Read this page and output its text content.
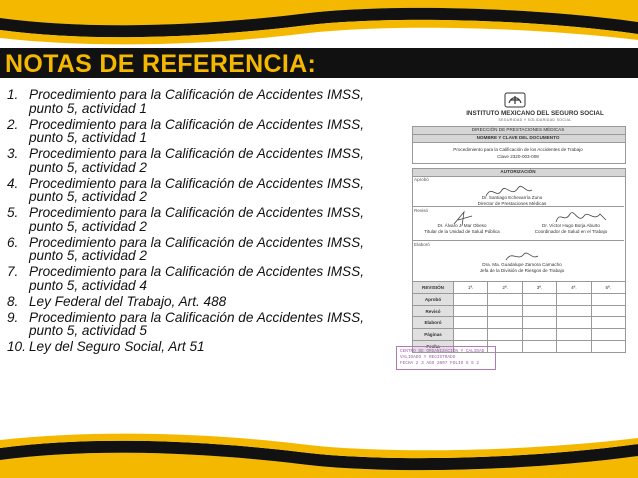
NOTAS DE REFERENCIA:
1. Procedimiento para la Calificación de Accidentes IMSS,
punto 5, actividad 1
2. Procedimiento para la Calificación de Accidentes IMSS,
punto 5, actividad 1
3. Procedimiento para la Calificación de Accidentes IMSS,
punto 5, actividad 2
4. Procedimiento para la Calificación de Accidentes IMSS,
punto 5, actividad 2
5. Procedimiento para la Calificación de Accidentes IMSS,
punto 5, actividad 2
6. Procedimiento para la Calificación de Accidentes IMSS,
punto 5, actividad 2
7. Procedimiento para la Calificación de Accidentes IMSS,
punto 5, actividad 4
8. Ley Federal del Trabajo, Art. 488
9. Procedimiento para la Calificación de Accidentes IMSS,
punto 5, actividad 5
10. Ley del Seguro Social, Art 51
INSTITUTO MEXICANO DEL SEGURO SOCIAL
SEGURIDAD Y SOLIDARIDAD SOCIAL
DIRECCIÓN DE PRESTACIONES MÉDICAS
NOMBRE Y CLAVE DEL DOCUMENTO
Procedimiento para la Calificación de los Accidentes de Trabajo
Clave 2320-003-008
AUTORIZACIÓN
Aprobó
Dr. Santiago Echevarría Zuno
Director de Prestaciones Médicas
Revisó
Dr. Álvaro J. Mar Obeso
Titular de la Unidad de Salud Pública
Dr. Víctor Hugo Borja Aburto
Coordinador de Salud en el Trabajo
Elaboró
Dra. Ma. Guadalupe Zamora Camacho
Jefa de la División de Riesgos de Trabajo
REVISIÓN	1ª.	2ª.	3ª.	4ª.	5ª.
Aprobó					
Revisó					
Elaboró					
Páginas					
Fecha					
CENTRO DE ORGANIZACIÓN Y CALIDAD
VALIDADO Y REGISTRADO
FECHA 2 3 AGO 2007 FOLIO 6 5 2
